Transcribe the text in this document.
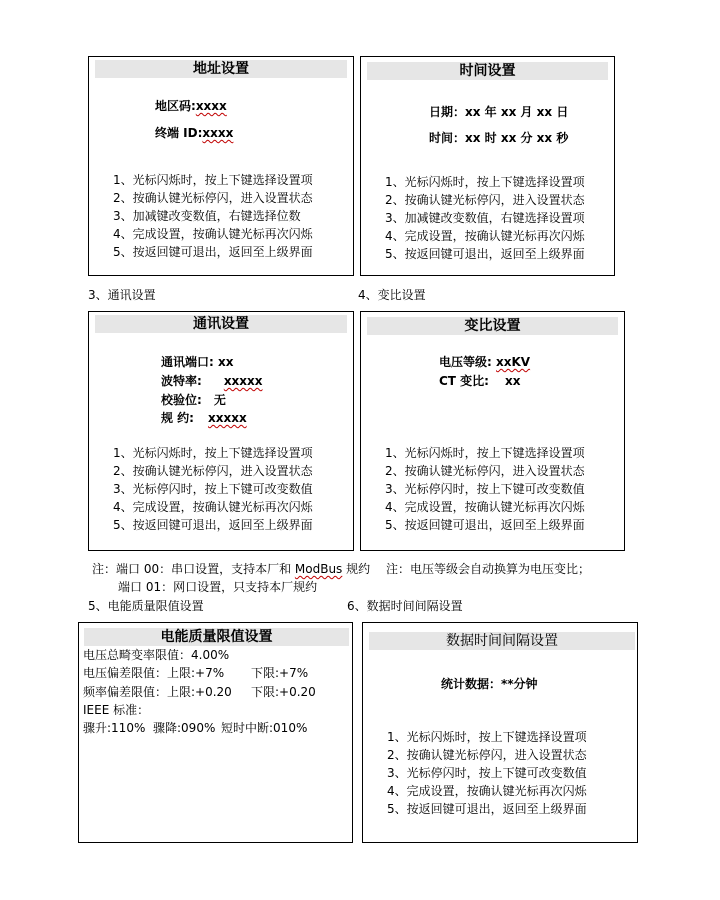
地址设置
地区码:xxxx
终端 ID:xxxx
1、光标闪烁时，按上下键选择设置项
2、按确认键光标停闪，进入设置状态
3、加减键改变数值，右键选择位数
4、完成设置，按确认键光标再次闪烁
5、按返回键可退出，返回至上级界面
时间设置
日期：xx 年 xx 月 xx 日
时间：xx 时 xx 分 xx 秒
1、光标闪烁时，按上下键选择设置项
2、按确认键光标停闪，进入设置状态
3、加减键改变数值，右键选择设置项
4、完成设置，按确认键光标再次闪烁
5、按返回键可退出，返回至上级界面
3、通讯设置	4、变比设置
通讯设置
通讯端口: xx
波特率: xxxxx
校验位: 无
规 约: xxxxx
1、光标闪烁时，按上下键选择设置项
2、按确认键光标停闪，进入设置状态
3、光标停闪时，按上下键可改变数值
4、完成设置，按确认键光标再次闪烁
5、按返回键可退出，返回至上级界面
变比设置
电压等级: xxKV
CT 变比: xx
1、光标闪烁时，按上下键选择设置项
2、按确认键光标停闪，进入设置状态
3、光标停闪时，按上下键可改变数值
4、完成设置，按确认键光标再次闪烁
5、按返回键可退出，返回至上级界面
注：端口 00：串口设置，支持本厂和 ModBus 规约
端口 01：网口设置，只支持本厂规约
注：电压等级会自动换算为电压变比；
5、电能质量限值设置	6、数据时间间隔设置
电能质量限值设置
电压总畸变率限值：4.00%
电压偏差限值：上限:+7% 下限:+7%
频率偏差限值：上限:+0.20 下限:+0.20
IEEE 标准：
骤升:110% 骤降:090% 短时中断:010%
数据时间间隔设置
统计数据：**分钟
1、光标闪烁时，按上下键选择设置项
2、按确认键光标停闪，进入设置状态
3、光标停闪时，按上下键可改变数值
4、完成设置，按确认键光标再次闪烁
5、按返回键可退出，返回至上级界面
